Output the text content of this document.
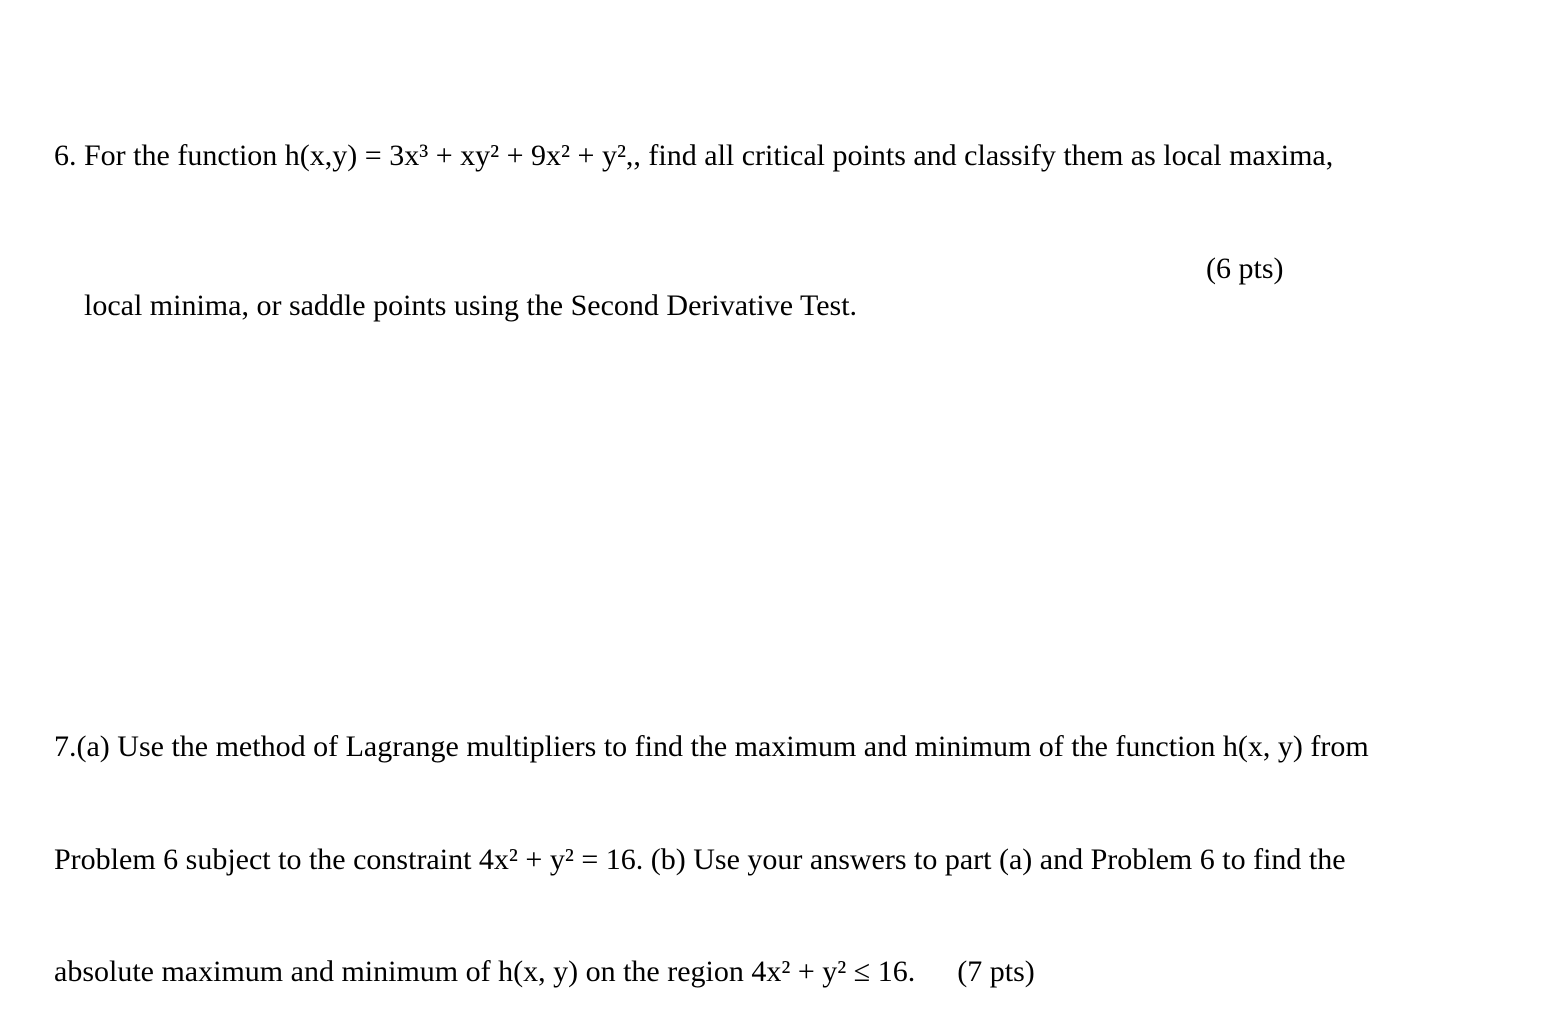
6. For the function h(x,y) = 3x³ + xy² + 9x² + y²,, find all critical points and classify them as local maxima,

local minima, or saddle points using the Second Derivative Test.

(6 pts)

7.(a) Use the method of Lagrange multipliers to find the maximum and minimum of the function h(x, y) from

Problem 6 subject to the constraint 4x² + y² = 16. (b) Use your answers to part (a) and Problem 6 to find the

absolute maximum and minimum of h(x, y) on the region 4x² + y² ≤ 16. (7 pts)
